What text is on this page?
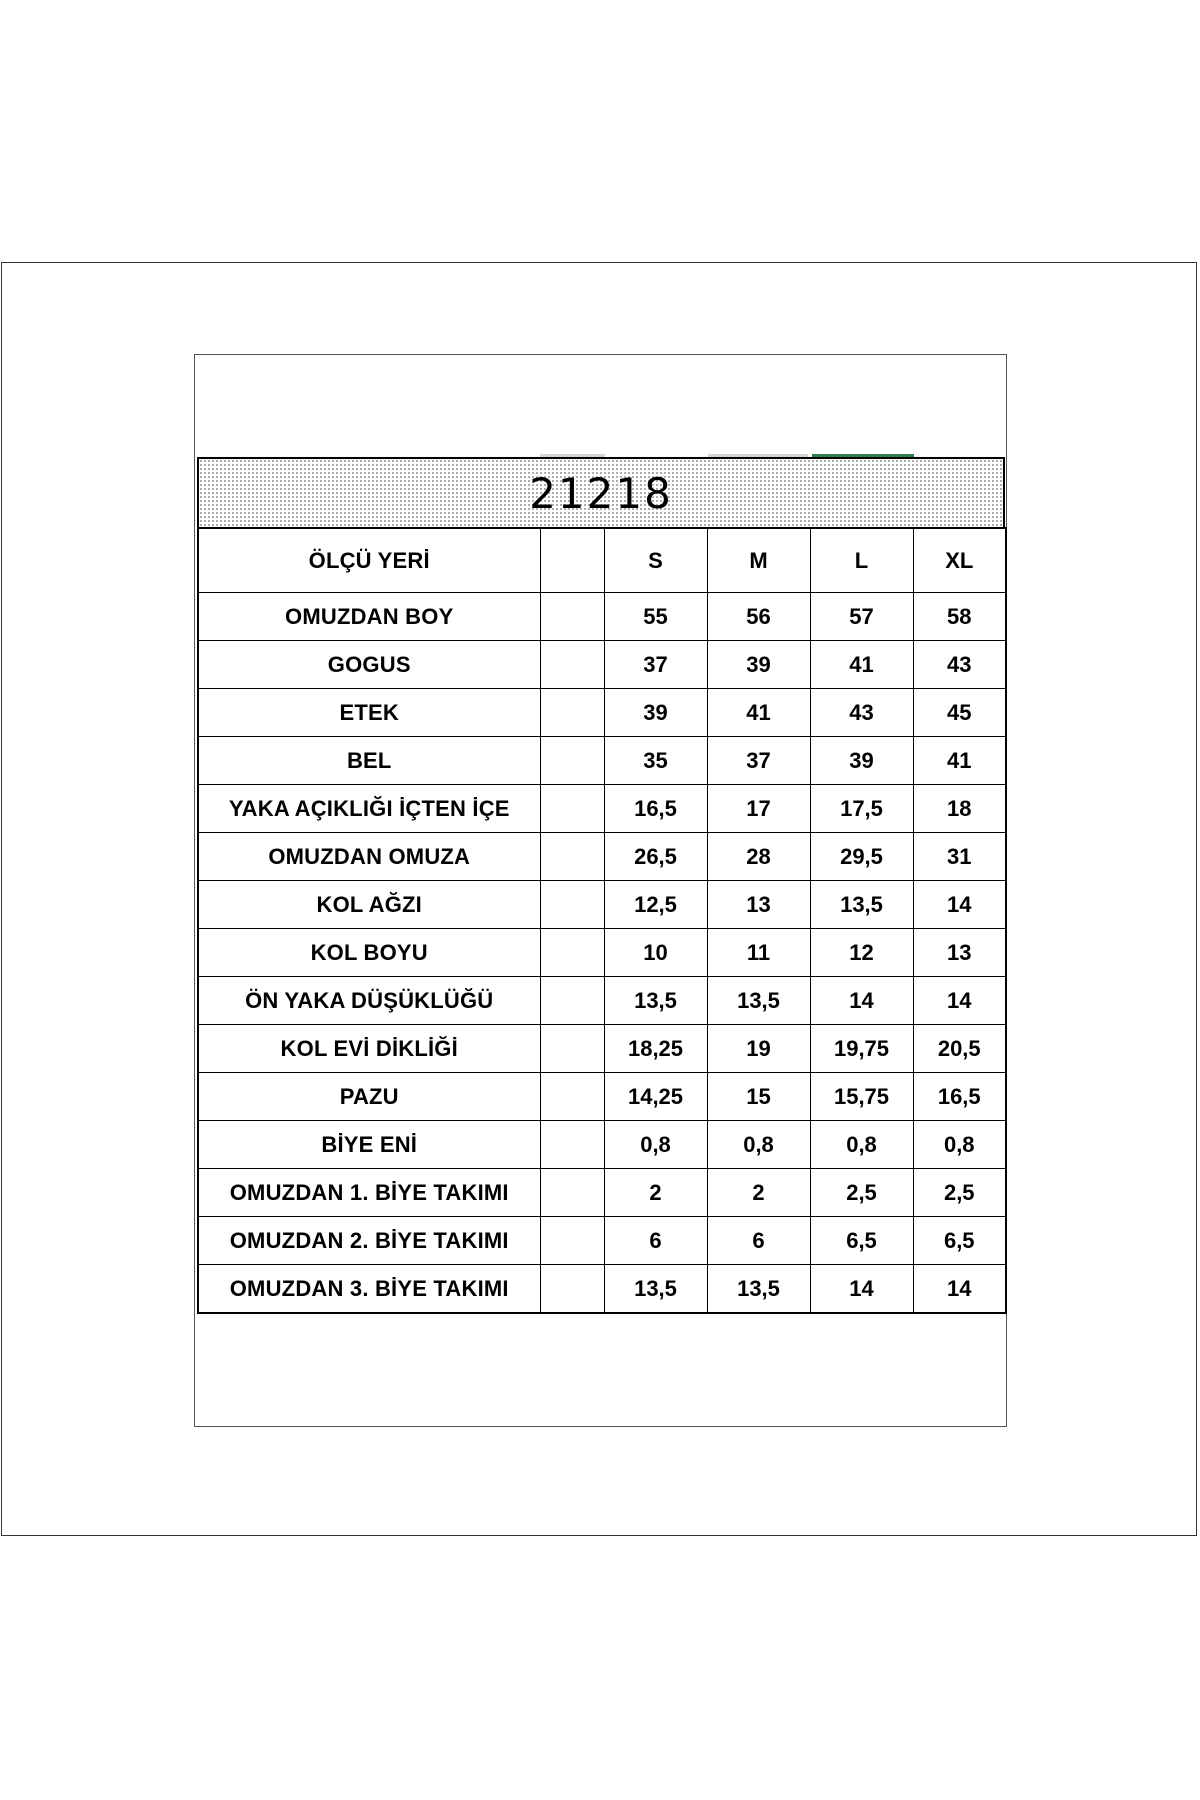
21218
ÖLÇÜ YERİ		S	M	L	XL
OMUZDAN BOY		55	56	57	58
GOGUS		37	39	41	43
ETEK		39	41	43	45
BEL		35	37	39	41
YAKA AÇIKLIĞI İÇTEN İÇE		16,5	17	17,5	18
OMUZDAN OMUZA		26,5	28	29,5	31
KOL AĞZI		12,5	13	13,5	14
KOL BOYU		10	11	12	13
ÖN YAKA DÜŞÜKLÜĞÜ		13,5	13,5	14	14
KOL EVİ DİKLİĞİ		18,25	19	19,75	20,5
PAZU		14,25	15	15,75	16,5
BİYE ENİ		0,8	0,8	0,8	0,8
OMUZDAN 1. BİYE TAKIMI		2	2	2,5	2,5
OMUZDAN 2. BİYE TAKIMI		6	6	6,5	6,5
OMUZDAN 3. BİYE TAKIMI		13,5	13,5	14	14
